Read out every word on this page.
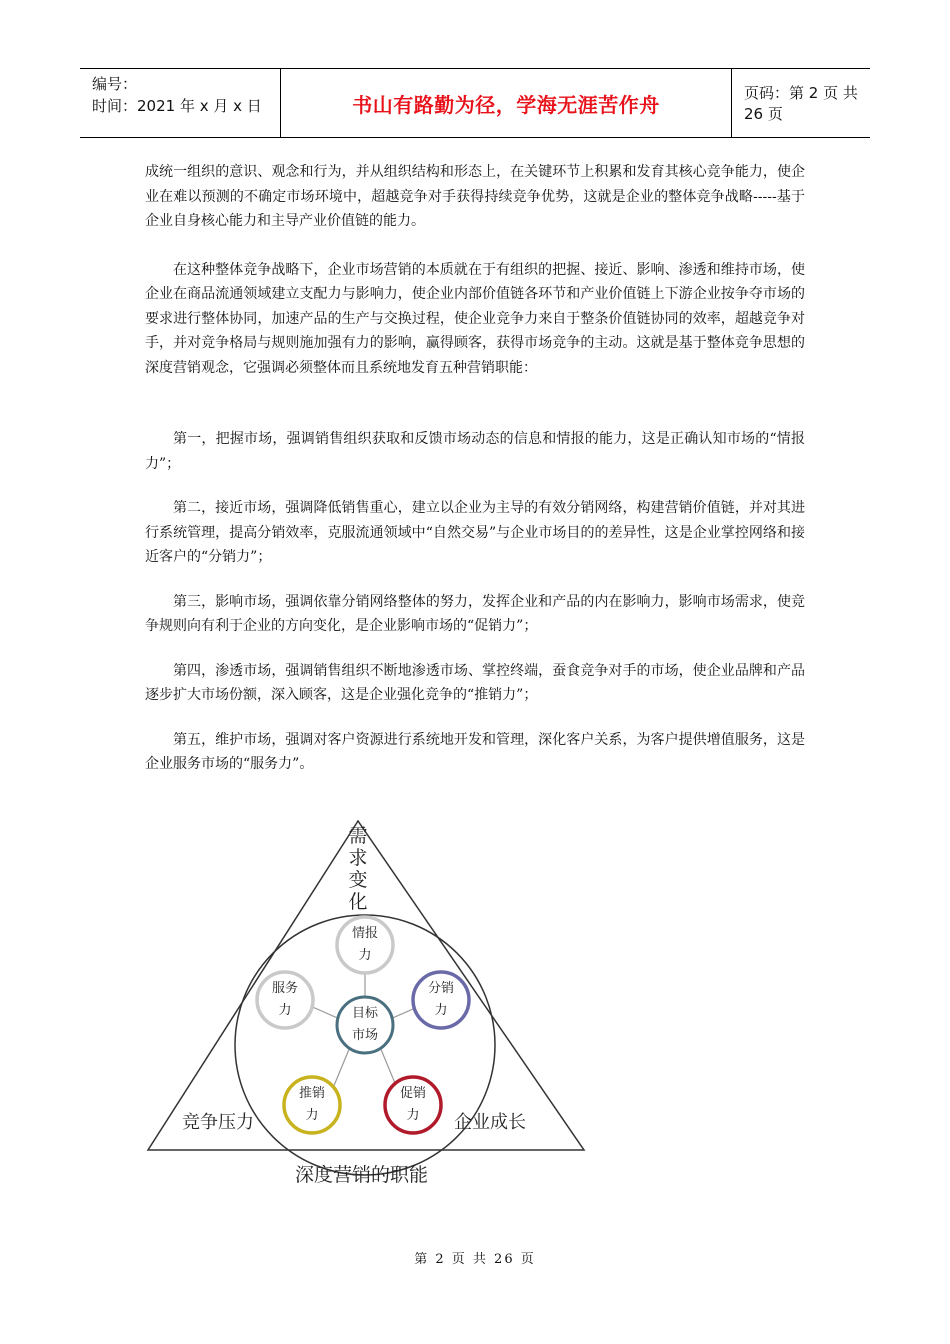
编号：
时间：2021 年 x 月 x 日	书山有路勤为径，学海无涯苦作舟	页码：第 2 页 共 26 页

成统一组织的意识、观念和行为，并从组织结构和形态上，在关键环节上积累和发育其核心竞争能力，使企业在难以预测的不确定市场环境中，超越竞争对手获得持续竞争优势，这就是企业的整体竞争战略-----基于企业自身核心能力和主导产业价值链的能力。

在这种整体竞争战略下，企业市场营销的本质就在于有组织的把握、接近、影响、渗透和维持市场，使企业在商品流通领域建立支配力与影响力，使企业内部价值链各环节和产业价值链上下游企业按争夺市场的要求进行整体协同，加速产品的生产与交换过程，使企业竞争力来自于整条价值链协同的效率，超越竞争对手，并对竞争格局与规则施加强有力的影响，赢得顾客，获得市场竞争的主动。这就是基于整体竞争思想的深度营销观念，它强调必须整体而且系统地发育五种营销职能：

第一，把握市场，强调销售组织获取和反馈市场动态的信息和情报的能力，这是正确认知市场的“情报力”；

第二，接近市场，强调降低销售重心，建立以企业为主导的有效分销网络，构建营销价值链，并对其进行系统管理，提高分销效率，克服流通领域中“自然交易”与企业市场目的的差异性，这是企业掌控网络和接近客户的“分销力”；

第三，影响市场，强调依靠分销网络整体的努力，发挥企业和产品的内在影响力，影响市场需求，使竞争规则向有利于企业的方向变化，是企业影响市场的“促销力”；

第四，渗透市场，强调销售组织不断地渗透市场、掌控终端，蚕食竞争对手的市场，使企业品牌和产品逐步扩大市场份额，深入顾客，这是企业强化竞争的“推销力”；

第五，维护市场，强调对客户资源进行系统地开发和管理，深化客户关系，为客户提供增值服务，这是企业服务市场的“服务力”。

需
求
变
化
目标
市场
情报
力
分销
力
促销
力
推销
力
服务
力
竞争压力	企业成长
深度营销的职能
第 2 页 共 26 页
